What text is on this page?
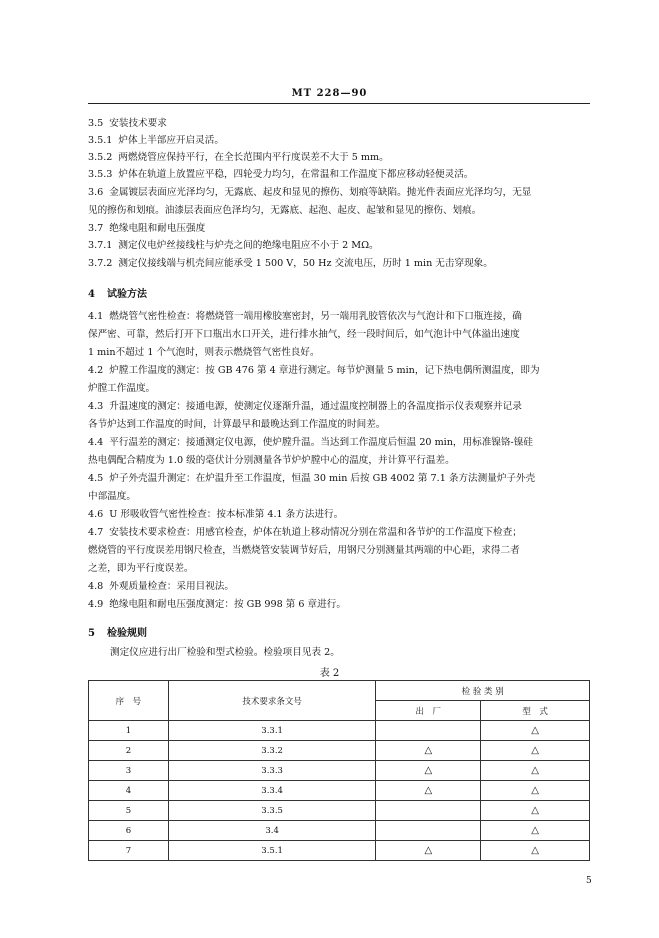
MT 228—90
3.5 安装技术要求
3.5.1 炉体上半部应开启灵活。
3.5.2 两燃烧管应保持平行，在全长范围内平行度误差不大于 5 mm。
3.5.3 炉体在轨道上放置应平稳，四轮受力均匀，在常温和工作温度下都应移动轻便灵活。
3.6 金属镀层表面应光泽均匀，无露底、起皮和显见的擦伤、划痕等缺陷。抛光件表面应光泽均匀，无显
见的擦伤和划痕。油漆层表面应色泽均匀，无露底、起泡、起皮、起皱和显见的擦伤、划痕。
3.7 绝缘电阻和耐电压强度
3.7.1 测定仪电炉丝接线柱与炉壳之间的绝缘电阻应不小于 2 MΩ。
3.7.2 测定仪接线端与机壳间应能承受 1 500 V，50 Hz 交流电压，历时 1 min 无击穿现象。
4 试验方法
4.1 燃烧管气密性检查：将燃烧管一端用橡胶塞密封，另一端用乳胶管依次与气泡计和下口瓶连接，确
保严密、可靠，然后打开下口瓶出水口开关，进行排水抽气，经一段时间后，如气泡计中气体溢出速度
1 min不超过 1 个气泡时，则表示燃烧管气密性良好。
4.2 炉膛工作温度的测定：按 GB 476 第 4 章进行测定。每节炉测量 5 min，记下热电偶所测温度，即为
炉膛工作温度。
4.3 升温速度的测定：接通电源，使测定仪逐渐升温，通过温度控制器上的各温度指示仪表观察并记录
各节炉达到工作温度的时间，计算最早和最晚达到工作温度的时间差。
4.4 平行温差的测定：接通测定仪电源，使炉膛升温。当达到工作温度后恒温 20 min，用标准镍铬-镍硅
热电偶配合精度为 1.0 级的毫伏计分别测量各节炉炉膛中心的温度，并计算平行温差。
4.5 炉子外壳温升测定：在炉温升至工作温度，恒温 30 min 后按 GB 4002 第 7.1 条方法测量炉子外壳
中部温度。
4.6 U 形吸收管气密性检查：按本标准第 4.1 条方法进行。
4.7 安装技术要求检查：用感官检查，炉体在轨道上移动情况分别在常温和各节炉的工作温度下检查；
燃烧管的平行度误差用钢尺检查，当燃烧管安装调节好后，用钢尺分别测量其两端的中心距，求得二者
之差，即为平行度误差。
4.8 外观质量检查：采用目视法。
4.9 绝缘电阻和耐电压强度测定：按 GB 998 第 6 章进行。
5 检验规则
测定仪应进行出厂检验和型式检验。检验项目见表 2。
表 2
序　号	技术要求条文号	检 验 类 别	
		出　厂	型　式
1	3.3.1		△
2	3.3.2	△	△
3	3.3.3	△	△
4	3.3.4	△	△
5	3.3.5		△
6	3.4		△
7	3.5.1	△	△
5
